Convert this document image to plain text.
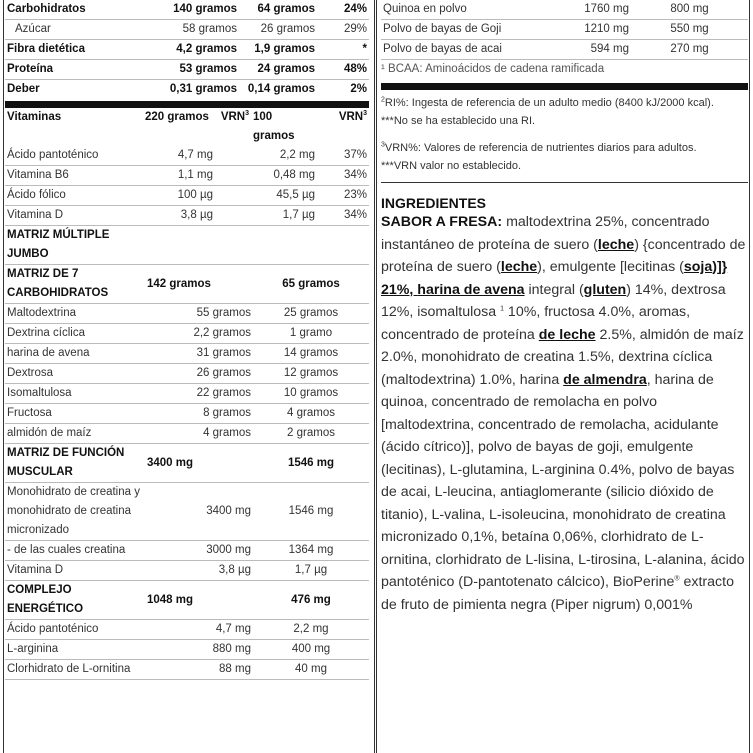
Carbohidratos	140 gramos	64 gramos	24%
Azúcar	58 gramos	26 gramos	29%
Fibra dietética	4,2 gramos	1,9 gramos	*
Proteína	53 gramos	24 gramos	48%
Deber	0,31 gramos	0,14 gramos	2%
Vitaminas	220 gramos	VRN$^3$	100 gramos	VRN$^3$
Ácido pantoténico	4,7 mg		2,2 mg	37%
Vitamina B6	1,1 mg		0,48 mg	34%
Ácido fólico	100 µg		45,5 µg	23%
Vitamina D	3,8 µg		1,7 µg	34%
MATRIZ MÚLTIPLE JUMBO		
MATRIZ DE 7 CARBOHIDRATOS	142 gramos	65 gramos
Maltodextrina	55 gramos	25 gramos
Dextrina cíclica	2,2 gramos	1 gramo
harina de avena	31 gramos	14 gramos
Dextrosa	26 gramos	12 gramos
Isomaltulosa	22 gramos	10 gramos
Fructosa	8 gramos	4 gramos
almidón de maíz	4 gramos	2 gramos
MATRIZ DE FUNCIÓN MUSCULAR	3400 mg	1546 mg
Monohidrato de creatina y monohidrato de creatina micronizado	3400 mg	1546 mg
- de las cuales creatina	3000 mg	1364 mg
Vitamina D	3,8 µg	1,7 µg
COMPLEJO ENERGÉTICO	1048 mg	476 mg
Ácido pantoténico	4,7 mg	2,2 mg
L-arginina	880 mg	400 mg
Clorhidrato de L-ornitina	88 mg	40 mg
Quinoa en polvo	1760 mg	800 mg
Polvo de bayas de Goji	1210 mg	550 mg
Polvo de bayas de acai	594 mg	270 mg
¹ BCAA: Aminoácidos de cadena ramificada
$^2$RI%: Ingesta de referencia de un adulto medio (8400 kJ/2000 kcal).
***No se ha establecido una RI.
$^3$VRN%: Valores de referencia de nutrientes diarios para adultos.
***VRN valor no establecido.
INGREDIENTES
SABOR A FRESA: maltodextrina 25%, concentrado instantáneo de proteína de suero (leche) {concentrado de proteína de suero (leche), emulgente [lecitinas (soja)]} 21%, harina de avena integral (gluten) 14%, dextrosa 12%, isomaltulosa $^1$ 10%, fructosa 4.0%, aromas, concentrado de proteína de leche 2.5%, almidón de maíz 2.0%, monohidrato de creatina 1.5%, dextrina cíclica (maltodextrina) 1.0%, harina de almendra, harina de quinoa, concentrado de remolacha en polvo [maltodextrina, concentrado de remolacha, acidulante (ácido cítrico)], polvo de bayas de goji, emulgente (lecitinas), L-glutamina, L-arginina 0.4%, polvo de bayas de acai, L-leucina, antiaglomerante (silicio dióxido de titanio), L-valina, L-isoleucina, monohidrato de creatina micronizado 0,1%, betaína 0,06%, clorhidrato de L-ornitina, clorhidrato de L-lisina, L-tirosina, L-alanina, ácido pantoténico (D-pantotenato cálcico), BioPerine® extracto de fruto de pimienta negra (Piper nigrum) 0,001%
